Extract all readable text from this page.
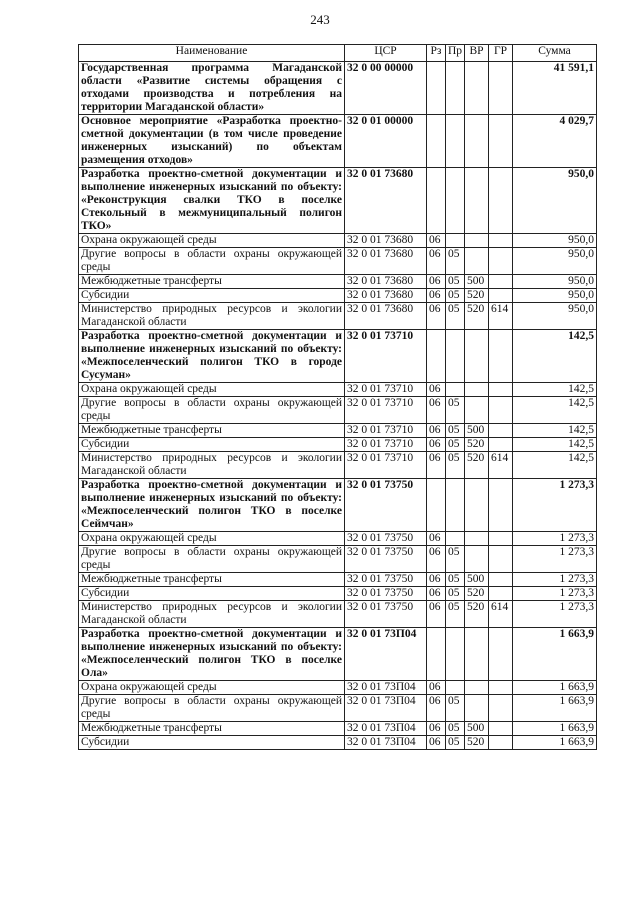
243
Наименование	ЦСР	Рз	Пр	ВР	ГР	Сумма
Государственная программа Магаданской области «Развитие системы обращения с отходами производства и потребления на территории Магаданской области»	32 0 00 00000					41 591,1
Основное мероприятие «Разработка проектно-сметной документации (в том числе проведение инженерных изысканий) по объектам размещения отходов»	32 0 01 00000					4 029,7
Разработка проектно-сметной документации и выполнение инженерных изысканий по объекту: «Реконструкция свалки ТКО в поселке Стекольный в межмуниципальный полигон ТКО»	32 0 01 73680					950,0
Охрана окружающей среды	32 0 01 73680	06				950,0
Другие вопросы в области охраны окружающей среды	32 0 01 73680	06	05			950,0
Межбюджетные трансферты	32 0 01 73680	06	05	500		950,0
Субсидии	32 0 01 73680	06	05	520		950,0
Министерство природных ресурсов и экологии Магаданской области	32 0 01 73680	06	05	520	614	950,0
Разработка проектно-сметной документации и выполнение инженерных изысканий по объекту: «Межпоселенческий полигон ТКО в городе Сусуман»	32 0 01 73710					142,5
Охрана окружающей среды	32 0 01 73710	06				142,5
Другие вопросы в области охраны окружающей среды	32 0 01 73710	06	05			142,5
Межбюджетные трансферты	32 0 01 73710	06	05	500		142,5
Субсидии	32 0 01 73710	06	05	520		142,5
Министерство природных ресурсов и экологии Магаданской области	32 0 01 73710	06	05	520	614	142,5
Разработка проектно-сметной документации и выполнение инженерных изысканий по объекту: «Межпоселенческий полигон ТКО в поселке Сеймчан»	32 0 01 73750					1 273,3
Охрана окружающей среды	32 0 01 73750	06				1 273,3
Другие вопросы в области охраны окружающей среды	32 0 01 73750	06	05			1 273,3
Межбюджетные трансферты	32 0 01 73750	06	05	500		1 273,3
Субсидии	32 0 01 73750	06	05	520		1 273,3
Министерство природных ресурсов и экологии Магаданской области	32 0 01 73750	06	05	520	614	1 273,3
Разработка проектно-сметной документации и выполнение инженерных изысканий по объекту: «Межпоселенческий полигон ТКО в поселке Ола»	32 0 01 73П04					1 663,9
Охрана окружающей среды	32 0 01 73П04	06				1 663,9
Другие вопросы в области охраны окружающей среды	32 0 01 73П04	06	05			1 663,9
Межбюджетные трансферты	32 0 01 73П04	06	05	500		1 663,9
Субсидии	32 0 01 73П04	06	05	520		1 663,9
